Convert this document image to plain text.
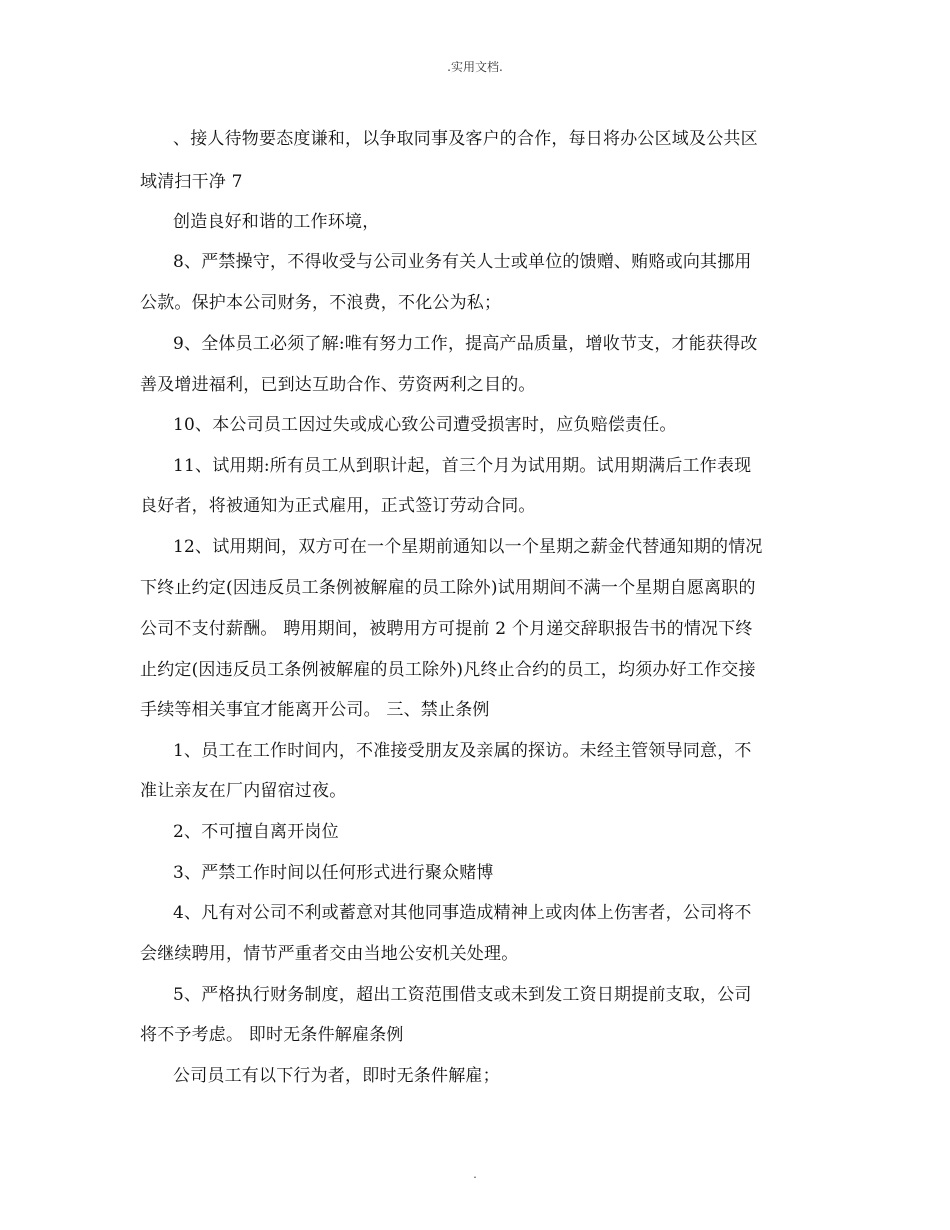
.实用文档.
、接人待物要态度谦和，以争取同事及客户的合作，每日将办公区域及公共区
域清扫干净 7
创造良好和谐的工作环境，
8、严禁操守，不得收受与公司业务有关人士或单位的馈赠、贿赂或向其挪用
公款。保护本公司财务，不浪费，不化公为私；
9、全体员工必须了解:唯有努力工作，提高产品质量，增收节支，才能获得改
善及增进福利，已到达互助合作、劳资两利之目的。
10、本公司员工因过失或成心致公司遭受损害时，应负赔偿责任。
11、试用期:所有员工从到职计起，首三个月为试用期。试用期满后工作表现
良好者，将被通知为正式雇用，正式签订劳动合同。
12、试用期间，双方可在一个星期前通知以一个星期之薪金代替通知期的情况
下终止约定(因违反员工条例被解雇的员工除外)试用期间不满一个星期自愿离职的
公司不支付薪酬。 聘用期间，被聘用方可提前 2 个月递交辞职报告书的情况下终
止约定(因违反员工条例被解雇的员工除外)凡终止合约的员工，均须办好工作交接
手续等相关事宜才能离开公司。 三、禁止条例
1、员工在工作时间内，不准接受朋友及亲属的探访。未经主管领导同意，不
准让亲友在厂内留宿过夜。
2、不可擅自离开岗位
3、严禁工作时间以任何形式进行聚众赌博
4、凡有对公司不利或蓄意对其他同事造成精神上或肉体上伤害者，公司将不
会继续聘用，情节严重者交由当地公安机关处理。
5、严格执行财务制度，超出工资范围借支或未到发工资日期提前支取，公司
将不予考虑。 即时无条件解雇条例
公司员工有以下行为者，即时无条件解雇；
.
